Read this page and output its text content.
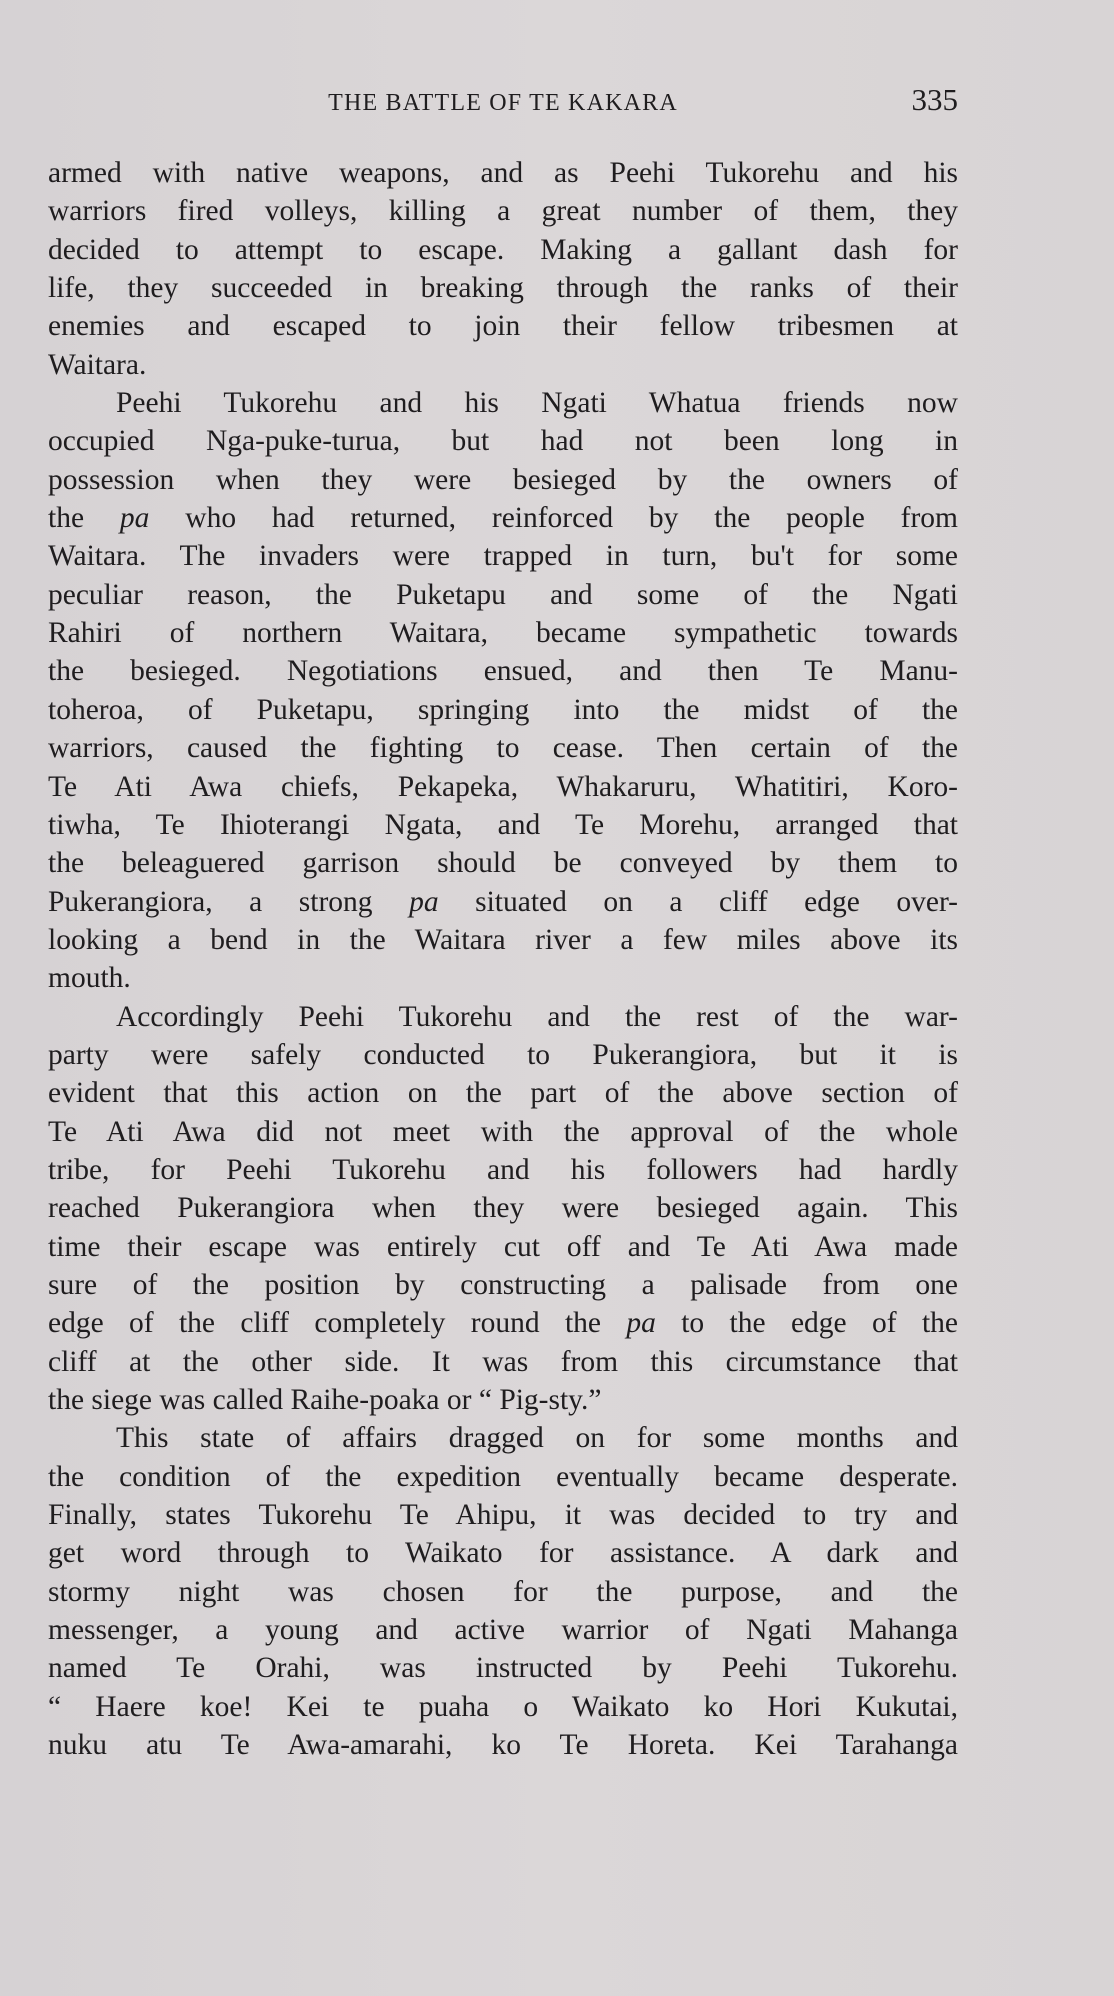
THE BATTLE OF TE KAKARA	335
armed with native weapons, and as Peehi Tukorehu and his
warriors fired volleys, killing a great number of them, they
decided to attempt to escape. Making a gallant dash for
life, they succeeded in breaking through the ranks of their
enemies and escaped to join their fellow tribesmen at
Waitara.
Peehi Tukorehu and his Ngati Whatua friends now
occupied Nga-puke-turua, but had not been long in
possession when they were besieged by the owners of
the pa who had returned, reinforced by the people from
Waitara. The invaders were trapped in turn, bu't for some
peculiar reason, the Puketapu and some of the Ngati
Rahiri of northern Waitara, became sympathetic towards
the besieged. Negotiations ensued, and then Te Manu-
toheroa, of Puketapu, springing into the midst of the
warriors, caused the fighting to cease. Then certain of the
Te Ati Awa chiefs, Pekapeka, Whakaruru, Whatitiri, Koro-
tiwha, Te Ihioterangi Ngata, and Te Morehu, arranged that
the beleaguered garrison should be conveyed by them to
Pukerangiora, a strong pa situated on a cliff edge over-
looking a bend in the Waitara river a few miles above its
mouth.
Accordingly Peehi Tukorehu and the rest of the war-
party were safely conducted to Pukerangiora, but it is
evident that this action on the part of the above section of
Te Ati Awa did not meet with the approval of the whole
tribe, for Peehi Tukorehu and his followers had hardly
reached Pukerangiora when they were besieged again. This
time their escape was entirely cut off and Te Ati Awa made
sure of the position by constructing a palisade from one
edge of the cliff completely round the pa to the edge of the
cliff at the other side. It was from this circumstance that
the siege was called Raihe-poaka or “ Pig-sty.”
This state of affairs dragged on for some months and
the condition of the expedition eventually became desperate.
Finally, states Tukorehu Te Ahipu, it was decided to try and
get word through to Waikato for assistance. A dark and
stormy night was chosen for the purpose, and the
messenger, a young and active warrior of Ngati Mahanga
named Te Orahi, was instructed by Peehi Tukorehu.
“ Haere koe! Kei te puaha o Waikato ko Hori Kukutai,
nuku atu Te Awa-amarahi, ko Te Horeta. Kei Tarahanga
